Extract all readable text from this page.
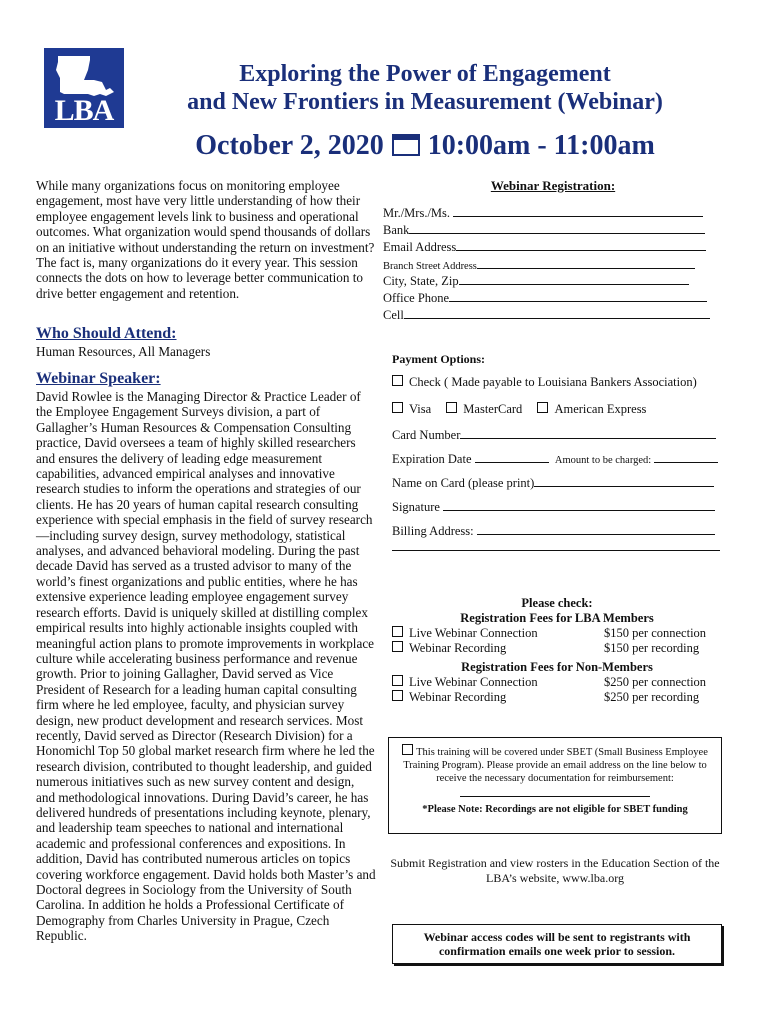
LBA
Exploring the Power of Engagement
and New Frontiers in Measurement (Webinar)
October 2, 2020 10:00am - 11:00am
While many organizations focus on monitoring employee engagement, most have very little understanding of how their employee engagement levels link to business and operational outcomes. What organization would spend thousands of dollars on an initiative without understanding the return on investment? The fact is, many organizations do it every year. This session connects the dots on how to leverage better communication to drive better engagement and retention.
Who Should Attend:
Human Resources, All Managers
Webinar Speaker:
David Rowlee is the Managing Director & Practice Leader of the Employee Engagement Surveys division, a part of Gallagher’s Human Resources & Compensation Consulting practice, David oversees a team of highly skilled researchers and ensures the delivery of leading edge measurement capabilities, advanced empirical analyses and innovative research studies to inform the operations and strategies of our clients. He has 20 years of human capital research consulting experience with special emphasis in the field of survey research—including survey design, survey methodology, statistical analyses, and advanced behavioral modeling. During the past decade David has served as a trusted advisor to many of the world’s finest organizations and public entities, where he has extensive experience leading employee engagement survey research efforts. David is uniquely skilled at distilling complex empirical results into highly actionable insights coupled with meaningful action plans to promote improvements in workplace culture while accelerating business performance and revenue growth. Prior to joining Gallagher, David served as Vice President of Research for a leading human capital consulting firm where he led employee, faculty, and physician survey design, new product development and research services. Most recently, David served as Director (Research Division) for a Honomichl Top 50 global market research firm where he led the research division, contributed to thought leadership, and guided numerous initiatives such as new survey content and design, and methodological innovations. During David’s career, he has delivered hundreds of presentations including keynote, plenary, and leadership team speeches to national and international academic and professional conferences and expositions. In addition, David has contributed numerous articles on topics covering workforce engagement. David holds both Master’s and Doctoral degrees in Sociology from the University of South Carolina. In addition he holds a Professional Certificate of Demography from Charles University in Prague, Czech Republic.
Webinar Registration:
Mr./Mrs./Ms.
Bank
Email Address
Branch Street Address
City, State, Zip
Office Phone
Cell
Payment Options:
Check ( Made payable to Louisiana Bankers Association)
Visa	MasterCard	American Express
Card Number
Expiration Date	Amount to be charged:
Name on Card (please print)
Signature
Billing Address:
Please check:
Registration Fees for LBA Members
Live Webinar Connection	$150 per connection
Webinar Recording	$150 per recording
Registration Fees for Non-Members
Live Webinar Connection	$250 per connection
Webinar Recording	$250 per recording
This training will be covered under SBET (Small Business Employee Training Program). Please provide an email address on the line below to receive the necessary documentation for reimbursement:
*Please Note: Recordings are not eligible for SBET funding
Submit Registration and view rosters in the Education Section of the LBA’s website, www.lba.org
Webinar access codes will be sent to registrants with confirmation emails one week prior to session.
